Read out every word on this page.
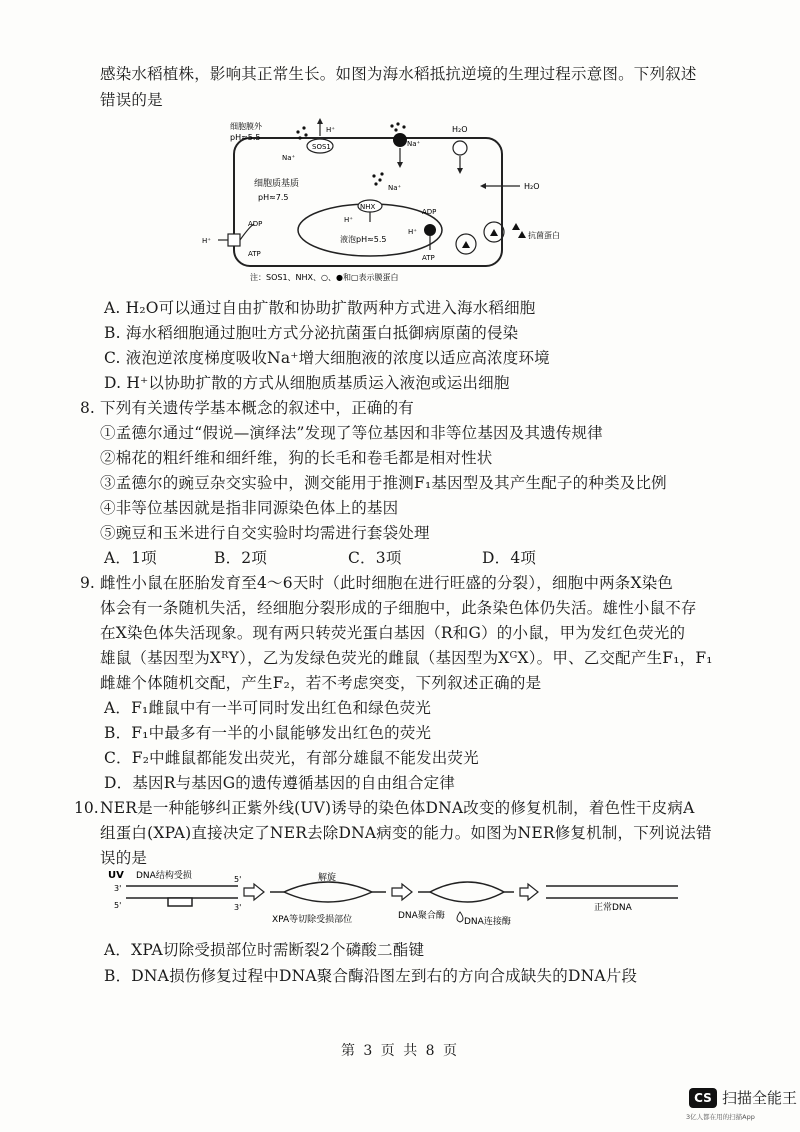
感染水稻植株，影响其正常生长。如图为海水稻抵抗逆境的生理过程示意图。下列叙述
错误的是
细胞膜外
pH≈5.5
SOS1
H⁺
Na⁺
Na⁺
H₂O
H₂O
细胞质基质
pH≈7.5
NHX
H⁺
Na⁺
液泡pH≈5.5
ADP
ATP
H⁺
ADP
ATP
H⁺
抗菌蛋白
注：SOS1、NHX、○、●和▢表示膜蛋白
A. H₂O可以通过自由扩散和协助扩散两种方式进入海水稻细胞
B. 海水稻细胞通过胞吐方式分泌抗菌蛋白抵御病原菌的侵染
C. 液泡逆浓度梯度吸收Na⁺增大细胞液的浓度以适应高浓度环境
D. H⁺以协助扩散的方式从细胞质基质运入液泡或运出细胞
8. 下列有关遗传学基本概念的叙述中，正确的有
①孟德尔通过“假说—演绎法”发现了等位基因和非等位基因及其遗传规律
②棉花的粗纤维和细纤维，狗的长毛和卷毛都是相对性状
③孟德尔的豌豆杂交实验中，测交能用于推测F₁基因型及其产生配子的种类及比例
④非等位基因就是指非同源染色体上的基因
⑤豌豆和玉米进行自交实验时均需进行套袋处理
A．1项	B．2项	C．3项	D．4项
9. 雌性小鼠在胚胎发育至4～6天时（此时细胞在进行旺盛的分裂），细胞中两条X染色
体会有一条随机失活，经细胞分裂形成的子细胞中，此条染色体仍失活。雄性小鼠不存
在X染色体失活现象。现有两只转荧光蛋白基因（R和G）的小鼠，甲为发红色荧光的
雄鼠（基因型为XᴿY），乙为发绿色荧光的雌鼠（基因型为XᴳX）。甲、乙交配产生F₁，F₁
雌雄个体随机交配，产生F₂，若不考虑突变，下列叙述正确的是
A．F₁雌鼠中有一半可同时发出红色和绿色荧光
B．F₁中最多有一半的小鼠能够发出红色的荧光
C．F₂中雌鼠都能发出荧光，有部分雄鼠不能发出荧光
D．基因R与基因G的遗传遵循基因的自由组合定律
10. NER是一种能够纠正紫外线(UV)诱导的染色体DNA改变的修复机制，着色性干皮病A
组蛋白(XPA)直接决定了NER去除DNA病变的能力。如图为NER修复机制，下列说法错
误的是
UV DNA结构受损
3'
5'
5'	3'
解旋
XPA等切除受损部位	DNA聚合酶
DNA连接酶
正常DNA
A．XPA切除受损部位时需断裂2个磷酸二酯键
B．DNA损伤修复过程中DNA聚合酶沿图左到右的方向合成缺失的DNA片段
第 3 页 共 8 页
CS 扫描全能王
3亿人都在用的扫描App
